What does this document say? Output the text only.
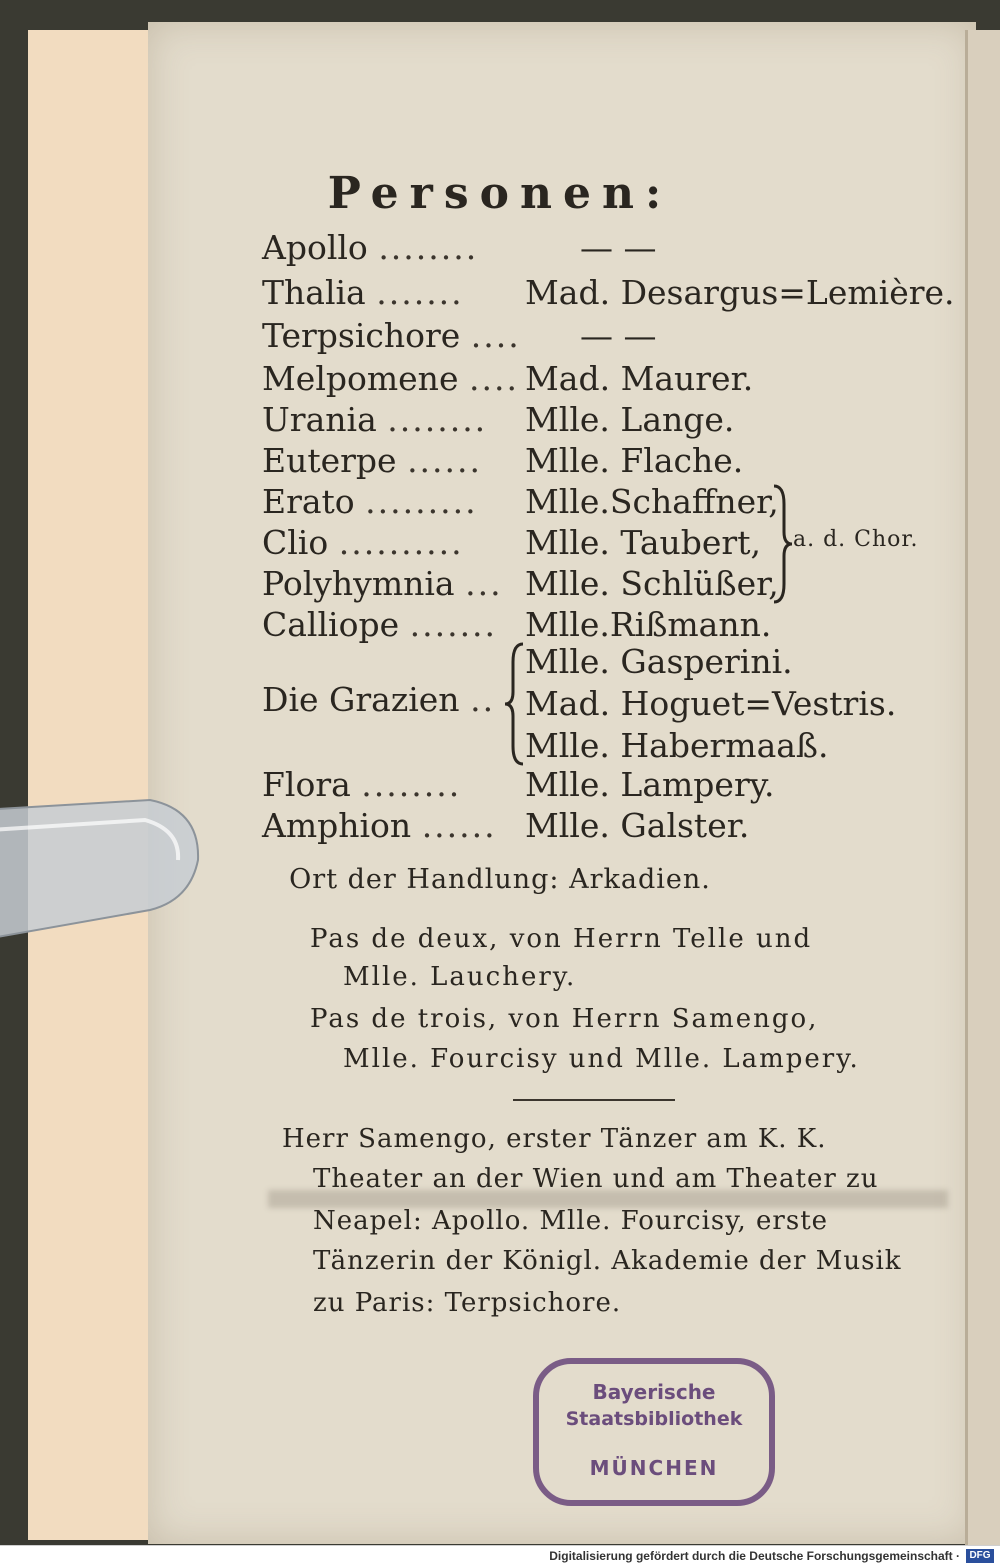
Personen:
Apollo ........	— —
Thalia ....... Mad. Desargus=Lemière.
Terpsichore .... — —
Melpomene .... Mad. Maurer.
Urania ........ Mlle. Lange.
Euterpe ...... Mlle. Flache.
Erato ......... Mlle.Schaffner,
Clio .......... Mlle. Taubert,
Polyhymnia ... Mlle. Schlüßer,
a. d. Chor.
Calliope ....... Mlle.Rißmann.
Die Grazien ..
Mlle. Gasperini.
Mad. Hoguet=Vestris.
Mlle. Habermaaß.
Flora ........ Mlle. Lampery.
Amphion ...... Mlle. Galster.
Ort der Handlung: Arkadien.
Pas de deux, von Herrn Telle und
Mlle. Lauchery.
Pas de trois, von Herrn Samengo,
Mlle. Fourcisy und Mlle. Lampery.
Herr Samengo, erster Tänzer am K. K.
Theater an der Wien und am Theater zu
Neapel: Apollo. Mlle. Fourcisy, erste
Tänzerin der Königl. Akademie der Musik
zu Paris: Terpsichore.
Bayerische
Staatsbibliothek
MÜNCHEN
Digitalisierung gefördert durch die Deutsche Forschungsgemeinschaft · DFG
